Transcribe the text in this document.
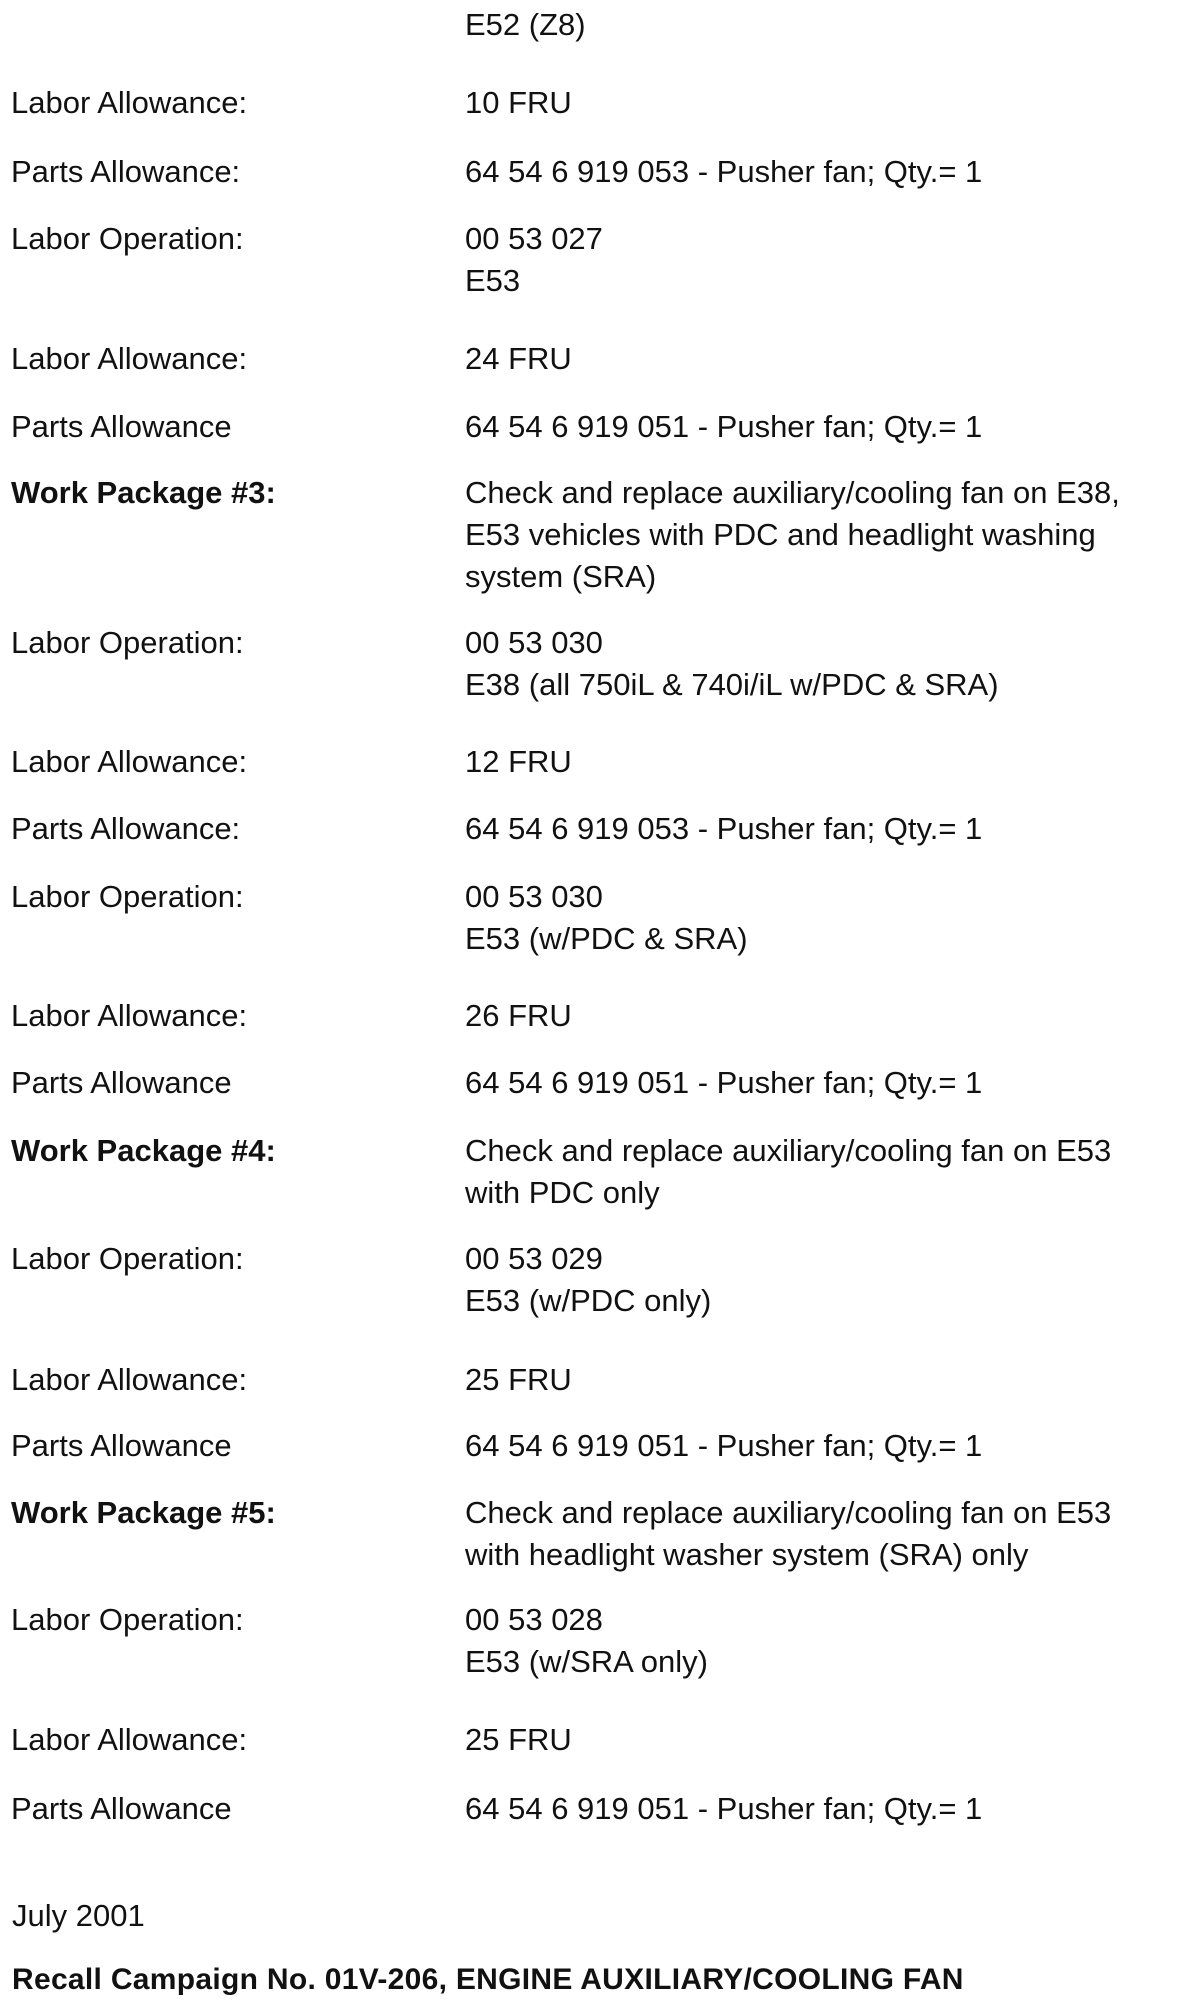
E52 (Z8)
Labor Allowance:	10 FRU
Parts Allowance:	64 54 6 919 053 - Pusher fan; Qty.= 1
Labor Operation:	00 53 027
E53
Labor Allowance:	24 FRU
Parts Allowance	64 54 6 919 051 - Pusher fan; Qty.= 1
Work Package #3:	Check and replace auxiliary/cooling fan on E38,
E53 vehicles with PDC and headlight washing
system (SRA)
Labor Operation:	00 53 030
E38 (all 750iL & 740i/iL w/PDC & SRA)
Labor Allowance:	12 FRU
Parts Allowance:	64 54 6 919 053 - Pusher fan; Qty.= 1
Labor Operation:	00 53 030
E53 (w/PDC & SRA)
Labor Allowance:	26 FRU
Parts Allowance	64 54 6 919 051 - Pusher fan; Qty.= 1
Work Package #4:	Check and replace auxiliary/cooling fan on E53
with PDC only
Labor Operation:	00 53 029
E53 (w/PDC only)
Labor Allowance:	25 FRU
Parts Allowance	64 54 6 919 051 - Pusher fan; Qty.= 1
Work Package #5:	Check and replace auxiliary/cooling fan on E53
with headlight washer system (SRA) only
Labor Operation:	00 53 028
E53 (w/SRA only)
Labor Allowance:	25 FRU
Parts Allowance	64 54 6 919 051 - Pusher fan; Qty.= 1
July 2001
Recall Campaign No. 01V-206, ENGINE AUXILIARY/COOLING FAN
